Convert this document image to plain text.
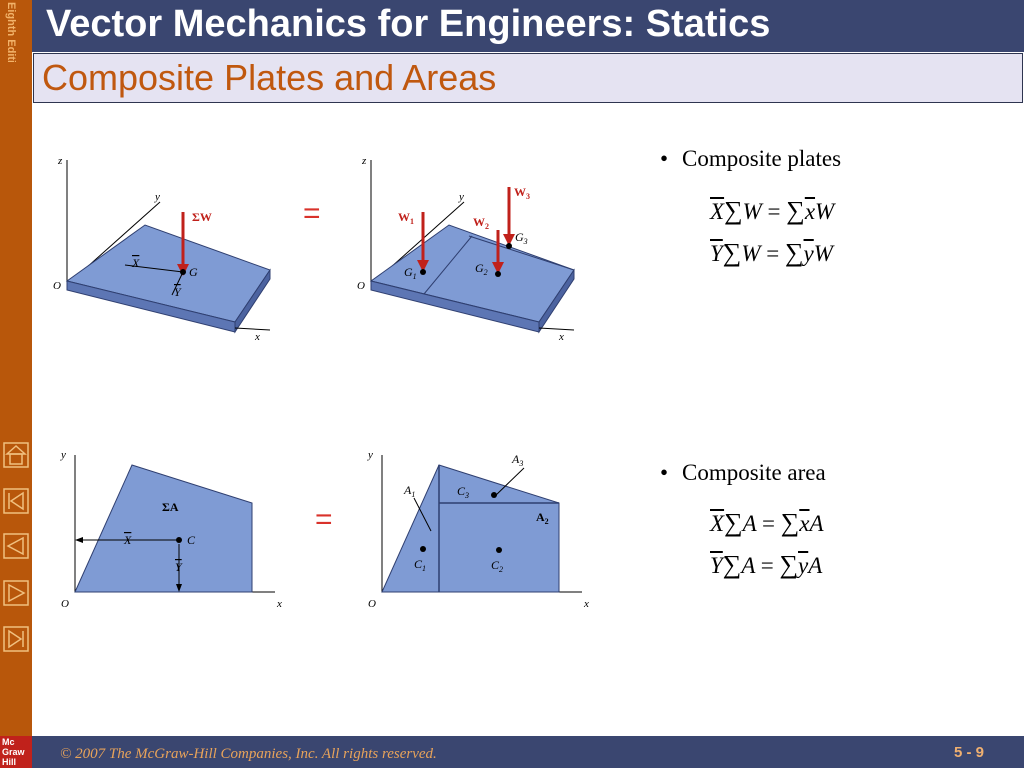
Eighth Edition
Mc
Graw
Hill
Vector Mechanics for Engineers: Statics
Composite Plates and Areas
z
y
x
O
ΣW
X
Y
G
=
z
y
x
O
$W_1$	$W_2$
$W_3$
$G_1$
$G_2$
$G_3$
y
x
O
ΣA
X
Y
C
=
y
x
O
$A_1$
$A_2$
$A_3$
$C_1$	$C_2$
$C_3$
• Composite plates
$\overline{X}\sum W = \sum\overline{x}W$
$\overline{Y}\sum W = \sum\overline{y}W$
• Composite area
$\overline{X}\sum A = \sum\overline{x}A$
$\overline{Y}\sum A = \sum\overline{y}A$
© 2007 The McGraw-Hill Companies, Inc. All rights reserved.	5 - 9
